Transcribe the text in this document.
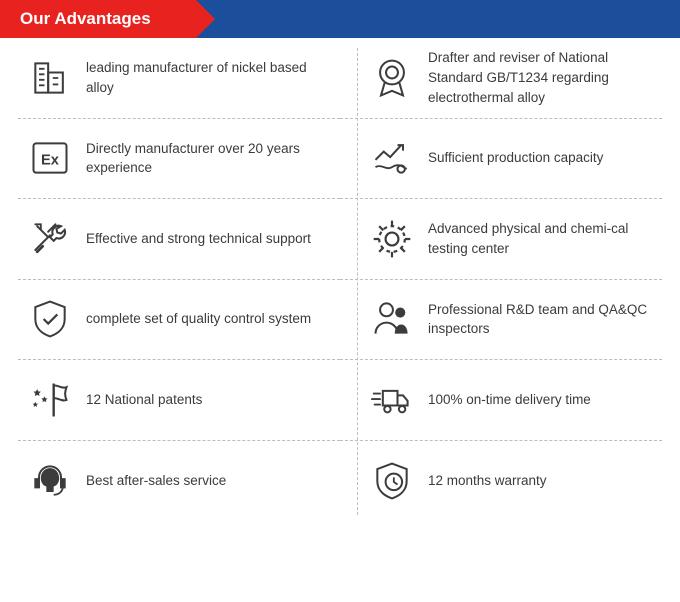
Our Advantages
leading manufacturer of nickel based alloy
Drafter and reviser of National Standard GB/T1234 regarding electrothermal alloy
Ex
Directly manufacturer over 20 years experience
Sufficient production capacity
Effective and strong technical support
Advanced physical and chemi-cal testing center
complete set of quality control system
Professional R&D team and QA&QC inspectors
12 National patents	100% on-time delivery time
Best after-sales service	12 months warranty
